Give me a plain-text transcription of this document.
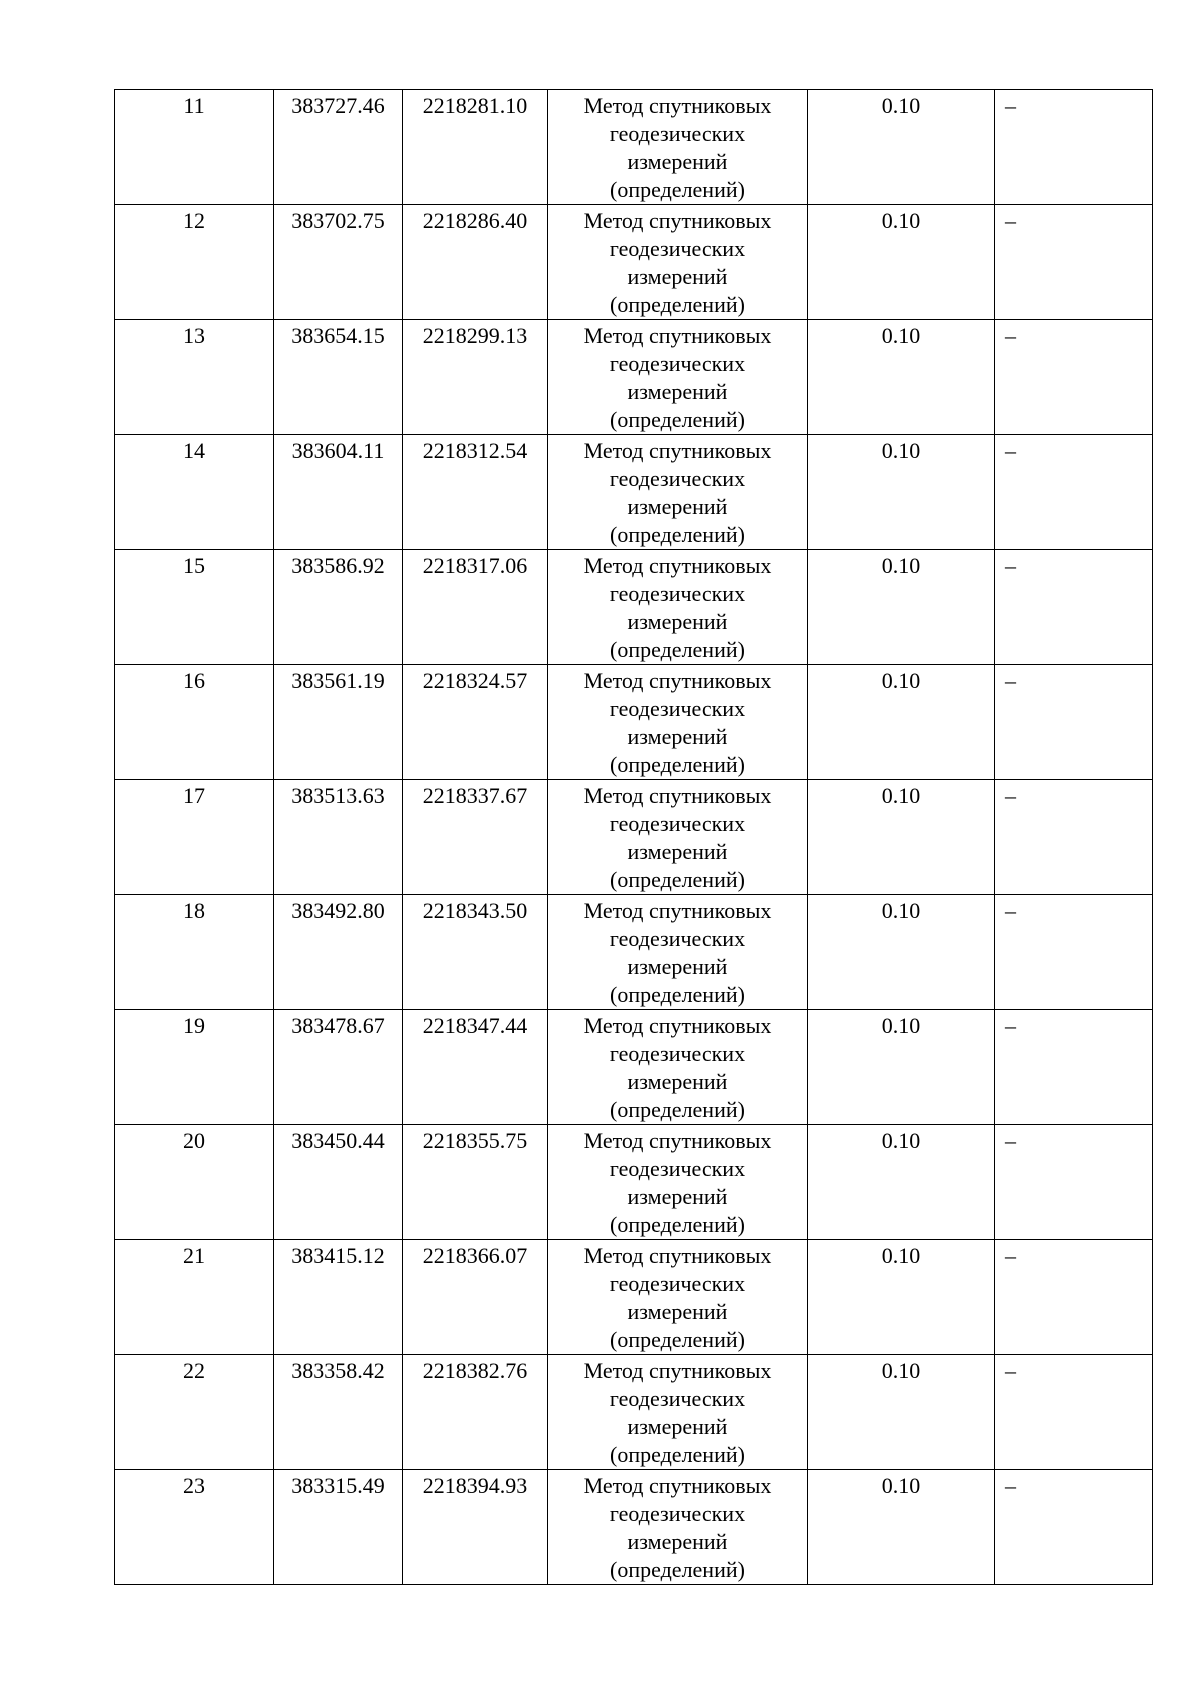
11	383727.46	2218281.10	Метод спутниковых
геодезических
измерений
(определений)	0.10	–
12	383702.75	2218286.40	Метод спутниковых
геодезических
измерений
(определений)	0.10	–
13	383654.15	2218299.13	Метод спутниковых
геодезических
измерений
(определений)	0.10	–
14	383604.11	2218312.54	Метод спутниковых
геодезических
измерений
(определений)	0.10	–
15	383586.92	2218317.06	Метод спутниковых
геодезических
измерений
(определений)	0.10	–
16	383561.19	2218324.57	Метод спутниковых
геодезических
измерений
(определений)	0.10	–
17	383513.63	2218337.67	Метод спутниковых
геодезических
измерений
(определений)	0.10	–
18	383492.80	2218343.50	Метод спутниковых
геодезических
измерений
(определений)	0.10	–
19	383478.67	2218347.44	Метод спутниковых
геодезических
измерений
(определений)	0.10	–
20	383450.44	2218355.75	Метод спутниковых
геодезических
измерений
(определений)	0.10	–
21	383415.12	2218366.07	Метод спутниковых
геодезических
измерений
(определений)	0.10	–
22	383358.42	2218382.76	Метод спутниковых
геодезических
измерений
(определений)	0.10	–
23	383315.49	2218394.93	Метод спутниковых
геодезических
измерений
(определений)	0.10	–
